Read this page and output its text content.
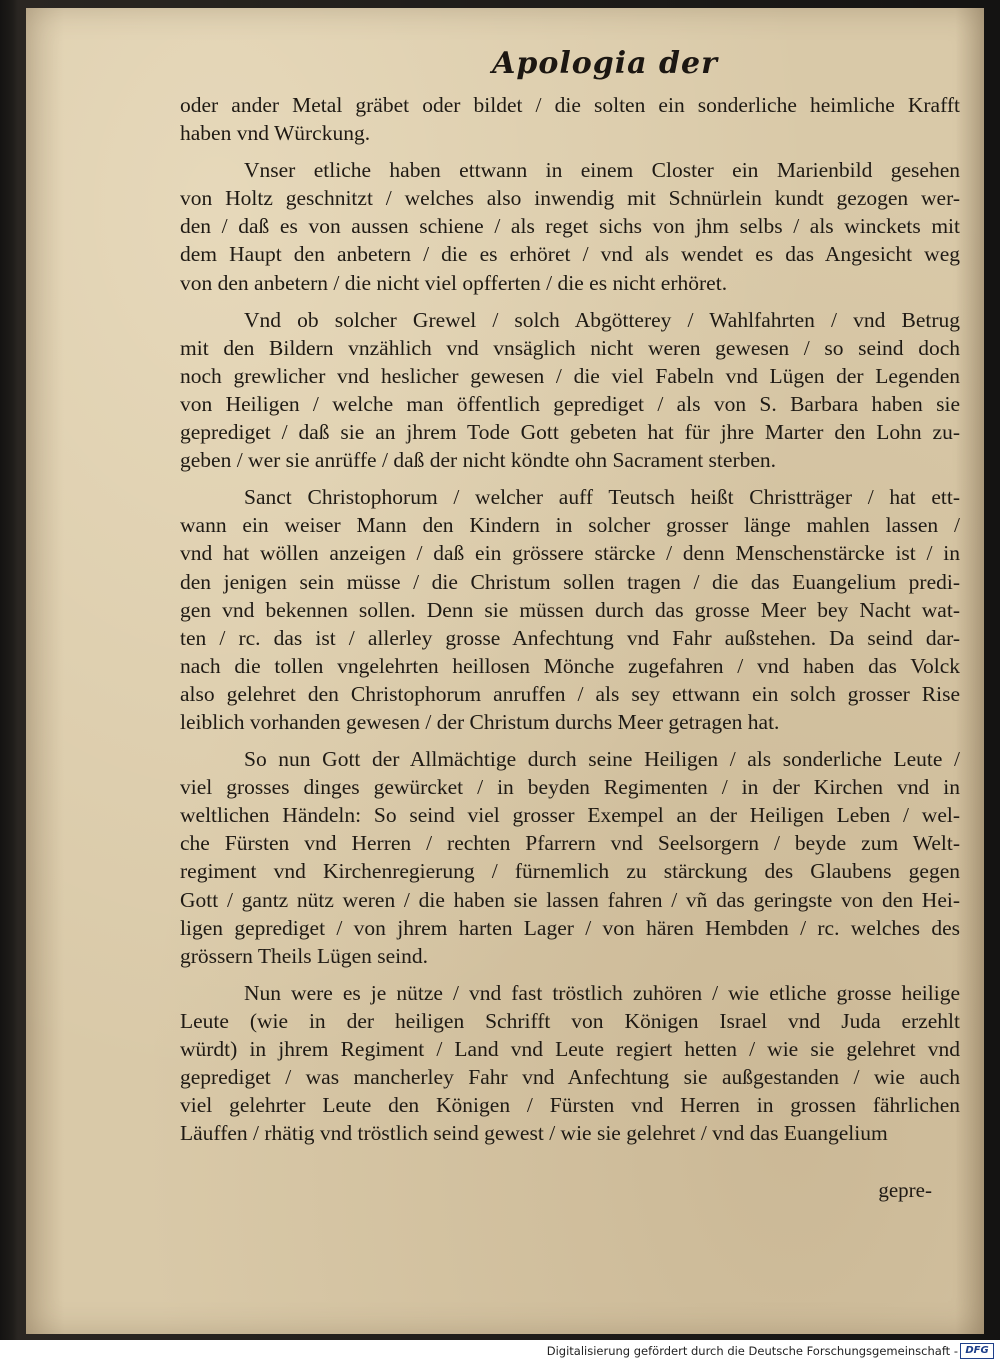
Apologia der
oder ander Metal gräbet oder bildet / die solten ein sonderliche heimliche Krafft
haben vnd Würckung.
Vnser etliche haben ettwann in einem Closter ein Marienbild gesehen
von Holtz geschnitzt / welches also inwendig mit Schnürlein kundt gezogen wer-
den / daß es von aussen schiene / als reget sichs von jhm selbs / als winckets mit
dem Haupt den anbetern / die es erhöret / vnd als wendet es das Angesicht weg
von den anbetern / die nicht viel opfferten / die es nicht erhöret.
Vnd ob solcher Grewel / solch Abgötterey / Wahlfahrten / vnd Betrug
mit den Bildern vnzählich vnd vnsäglich nicht weren gewesen / so seind doch
noch grewlicher vnd heslicher gewesen / die viel Fabeln vnd Lügen der Legenden
von Heiligen / welche man öffentlich geprediget / als von S. Barbara haben sie
geprediget / daß sie an jhrem Tode Gott gebeten hat für jhre Marter den Lohn zu-
geben / wer sie anrüffe / daß der nicht köndte ohn Sacrament sterben.
Sanct Christophorum / welcher auff Teutsch heißt Christträger / hat ett-
wann ein weiser Mann den Kindern in solcher grosser länge mahlen lassen /
vnd hat wöllen anzeigen / daß ein grössere stärcke / denn Menschenstärcke ist / in
den jenigen sein müsse / die Christum sollen tragen / die das Euangelium predi-
gen vnd bekennen sollen. Denn sie müssen durch das grosse Meer bey Nacht wat-
ten / rc. das ist / allerley grosse Anfechtung vnd Fahr außstehen. Da seind dar-
nach die tollen vngelehrten heillosen Mönche zugefahren / vnd haben das Volck
also gelehret den Christophorum anruffen / als sey ettwann ein solch grosser Rise
leiblich vorhanden gewesen / der Christum durchs Meer getragen hat.
So nun Gott der Allmächtige durch seine Heiligen / als sonderliche Leute /
viel grosses dinges gewürcket / in beyden Regimenten / in der Kirchen vnd in
weltlichen Händeln: So seind viel grosser Exempel an der Heiligen Leben / wel-
che Fürsten vnd Herren / rechten Pfarrern vnd Seelsorgern / beyde zum Welt-
regiment vnd Kirchenregierung / fürnemlich zu stärckung des Glaubens gegen
Gott / gantz nütz weren / die haben sie lassen fahren / vñ das geringste von den Hei-
ligen geprediget / von jhrem harten Lager / von hären Hembden / rc. welches des
grössern Theils Lügen seind.
Nun were es je nütze / vnd fast tröstlich zuhören / wie etliche grosse heilige
Leute (wie in der heiligen Schrifft von Königen Israel vnd Juda erzehlt
würdt) in jhrem Regiment / Land vnd Leute regiert hetten / wie sie gelehret vnd
geprediget / was mancherley Fahr vnd Anfechtung sie außgestanden / wie auch
viel gelehrter Leute den Königen / Fürsten vnd Herren in grossen fährlichen
Läuffen / rhätig vnd tröstlich seind gewest / wie sie gelehret / vnd das Euangelium
gepre-
Digitalisierung gefördert durch die Deutsche Forschungsgemeinschaft - DFG
